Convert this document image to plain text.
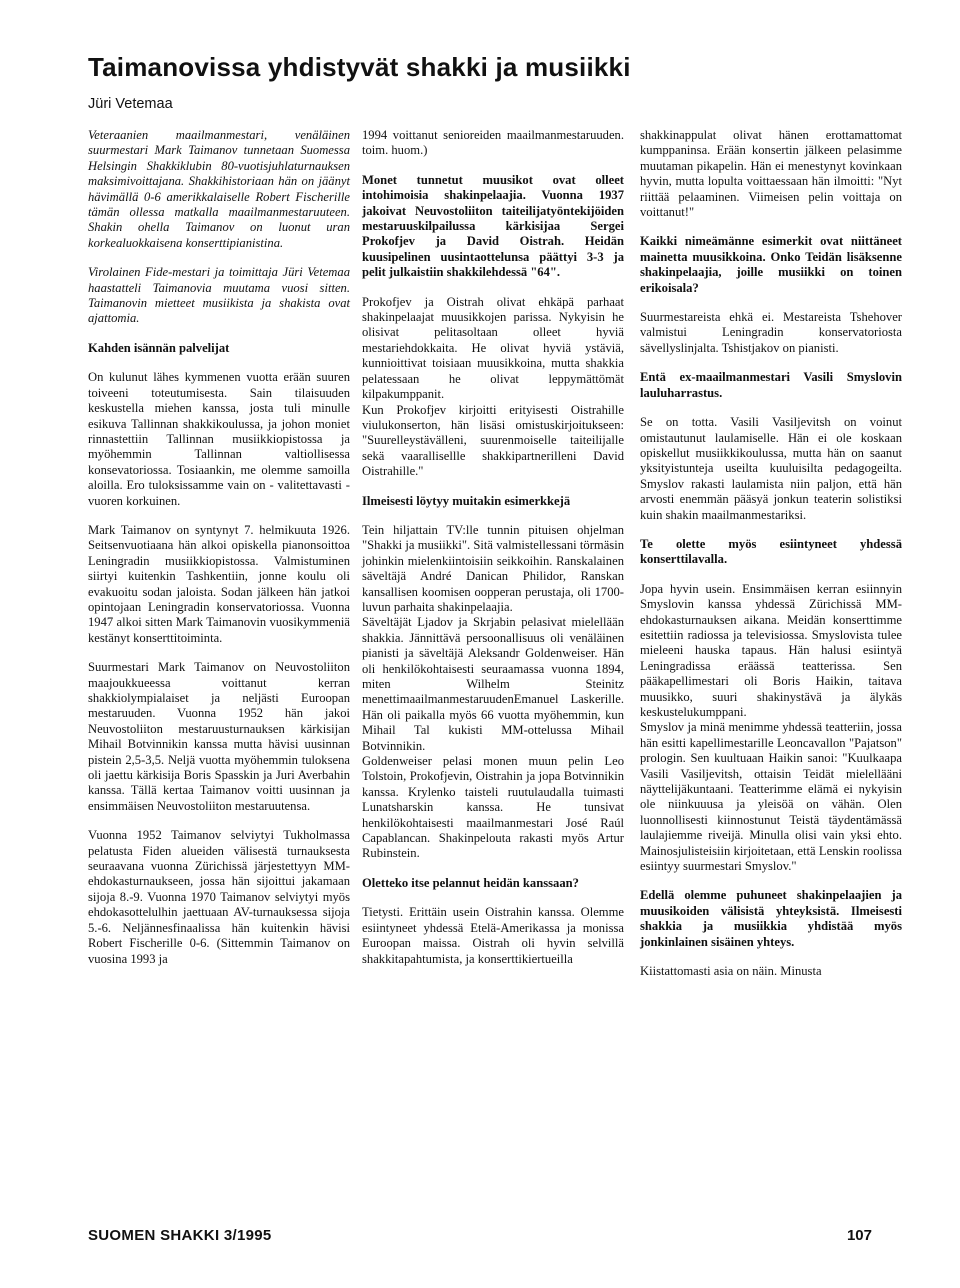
Taimanovissa yhdistyvät shakki ja musiikki

Jüri Vetemaa

Veteraanien maailmanmestari, venäläinen suurmestari Mark Taimanov tunnetaan Suomessa Helsingin Shakkiklubin 80-vuotisjuhlaturnauksen maksimivoittajana. Shakkihistoriaan hän on jäänyt hävimällä 0-6 amerikkalaiselle Robert Fischerille tämän ollessa matkalla maailmanmestaruuteen. Shakin ohella Taimanov on luonut uran korkealuokkaisena konserttipianistina.

Virolainen Fide-mestari ja toimittaja Jüri Vetemaa haastatteli Taimanovia muutama vuosi sitten. Taimanovin mietteet musiikista ja shakista ovat ajattomia.

Kahden isännän palvelijat

On kulunut lähes kymmenen vuotta erään suuren toiveeni toteutumisesta. Sain tilaisuuden keskustella miehen kanssa, josta tuli minulle esikuva Tallinnan shakkikoulussa, ja johon moniet rinnastettiin Tallinnan musiikkiopistossa ja myöhemmin Tallinnan valtiollisessa konsevatoriossa. Tosiaankin, me olemme samoilla aloilla. Ero tuloksissamme vain on - valitettavasti - vuoren korkuinen.

Mark Taimanov on syntynyt 7. helmikuuta 1926. Seitsenvuotiaana hän alkoi opiskella pianonsoittoa Leningradin musiikkiopistossa. Valmistuminen siirtyi kuitenkin Tashkentiin, jonne koulu oli evakuoitu sodan jaloista. Sodan jälkeen hän jatkoi opintojaan Leningradin konservatoriossa. Vuonna 1947 alkoi sitten Mark Taimanovin vuosikymmeniä kestänyt konserttitoiminta.

Suurmestari Mark Taimanov on Neuvostoliiton maajoukkueessa voittanut kerran shakkiolympialaiset ja neljästi Euroopan mestaruuden. Vuonna 1952 hän jakoi Neuvostoliiton mestaruusturnauksen kärkisijan Mihail Botvinnikin kanssa mutta hävisi uusinnan pistein 2,5-3,5. Neljä vuotta myöhemmin tuloksena oli jaettu kärkisija Boris Spasskin ja Juri Averbahin kanssa. Tällä kertaa Taimanov voitti uusinnan ja ensimmäisen Neuvostoliiton mestaruutensa.

Vuonna 1952 Taimanov selviytyi Tukholmassa pelatusta Fiden alueiden välisestä turnauksesta seuraavana vuonna Zürichissä järjestettyyn MM-ehdokasturnaukseen, jossa hän sijoittui jakamaan sijoja 8.-9. Vuonna 1970 Taimanov selviytyi myös ehdokasottelulhin jaettuaan AV-turnauksessa sijoja 5.-6. Neljännesfinaalissa hän kuitenkin hävisi Robert Fischerille 0-6. (Sittemmin Taimanov on vuosina 1993 ja

1994 voittanut senioreiden maailmanmestaruuden. toim. huom.)

Monet tunnetut muusikot ovat olleet intohimoisia shakinpelaajia. Vuonna 1937 jakoivat Neuvostoliiton taiteilijatyöntekijöiden mestaruuskilpailussa kärkisijaa Sergei Prokofjev ja David Oistrah. Heidän kuusipelinen uusintaottelunsa päättyi 3-3 ja pelit julkaistiin shakkilehdessä "64".

Prokofjev ja Oistrah olivat ehkäpä parhaat shakinpelaajat muusikkojen parissa. Nykyisin he olisivat pelitasoltaan olleet hyviä mestariehdokkaita. He olivat hyviä ystäviä, kunnioittivat toisiaan muusikkoina, mutta shakkia pelatessaan he olivat leppymättömät kilpakumppanit.

Kun Prokofjev kirjoitti erityisesti Oistrahille viulukonserton, hän lisäsi omistuskirjoitukseen: "Suurelleystävälleni, suurenmoiselle taiteilijalle sekä vaarallisellle shakkipartnerilleni David Oistrahille."

Ilmeisesti löytyy muitakin esimerkkejä

Tein hiljattain TV:lle tunnin pituisen ohjelman "Shakki ja musiikki". Sitä valmistellessani törmäsin johinkin mielenkiintoisiin seikkoihin. Ranskalainen säveltäjä André Danican Philidor, Ranskan kansallisen koomisen oopperan perustaja, oli 1700-luvun parhaita shakinpelaajia.

Säveltäjät Ljadov ja Skrjabin pelasivat mielellään shakkia. Jännittävä persoonallisuus oli venäläinen pianisti ja säveltäjä Aleksandr Goldenweiser. Hän oli henkilökohtaisesti seuraamassa vuonna 1894, miten Wilhelm Steinitz menettimaailmanmestaruudenEmanuel Laskerille. Hän oli paikalla myös 66 vuotta myöhemmin, kun Mihail Tal kukisti MM-ottelussa Mihail Botvinnikin.

Goldenweiser pelasi monen muun pelin Leo Tolstoin, Prokofjevin, Oistrahin ja jopa Botvinnikin kanssa. Krylenko taisteli ruutulaudalla tuimasti Lunatsharskin kanssa. He tunsivat henkilökohtaisesti maailmanmestari José Raúl Capablancan. Shakinpelouta rakasti myös Artur Rubinstein.

Oletteko itse pelannut heidän kanssaan?

Tietysti. Erittäin usein Oistrahin kanssa. Olemme esiintyneet yhdessä Etelä-Amerikassa ja monissa Euroopan maissa. Oistrah oli hyvin selvillä shakkitapahtumista, ja konserttikiertueilla

shakkinappulat olivat hänen erottamattomat kumppaninsa. Erään konsertin jälkeen pelasimme muutaman pikapelin. Hän ei menestynyt kovinkaan hyvin, mutta lopulta voittaessaan hän ilmoitti: "Nyt riittää pelaaminen. Viimeisen pelin voittaja on voittanut!"

Kaikki nimeämänne esimerkit ovat niittäneet mainetta muusikkoina. Onko Teidän lisäksenne shakinpelaajia, joille musiikki on toinen erikoisala?

Suurmestareista ehkä ei. Mestareista Tshehover valmistui Leningradin konservatoriosta sävellyslinjalta. Tshistjakov on pianisti.

Entä ex-maailmanmestari Vasili Smyslovin lauluharrastus.

Se on totta. Vasili Vasiljevitsh on voinut omistautunut laulamiselle. Hän ei ole koskaan opiskellut musiikkikoulussa, mutta hän on saanut yksityistunteja useilta kuuluisilta pedagogeilta. Smyslov rakasti laulamista niin paljon, että hän arvosti enemmän pääsyä jonkun teaterin solistiksi kuin shakin maailmanmestariksi.

Te olette myös esiintyneet yhdessä konserttilavalla.

Jopa hyvin usein. Ensimmäisen kerran esiinnyin Smyslovin kanssa yhdessä Zürichissä MM-ehdokasturnauksen aikana. Meidän konserttimme esitettiin radiossa ja televisiossa. Smyslovista tulee mieleeni hauska tapaus. Hän halusi esiintyä Leningradissa eräässä teatterissa. Sen pääkapellimestari oli Boris Haikin, taitava muusikko, suuri shakinystävä ja älykäs keskustelukumppani.

Smyslov ja minä menimme yhdessä teatteriin, jossa hän esitti kapellimestarille Leoncavallon "Pajatson" prologin. Sen kuultuaan Haikin sanoi: "Kuulkaapa Vasili Vasiljevitsh, ottaisin Teidät mielellääni näyttelijäkuntaani. Teatterimme elämä ei nykyisin ole niinkuuusa ja yleisöä on vähän. Olen luonnollisesti kiinnostunut Teistä täydentämässä laulajiemme riveijä. Minulla olisi vain yksi ehto. Mainosjulisteisiin kirjoitetaan, että Lenskin roolissa esiintyy suurmestari Smyslov."

Edellä olemme puhuneet shakinpelaajien ja muusikoiden välisistä yhteyksistä. Ilmeisesti shakkia ja musiikkia yhdistää myös jonkinlainen sisäinen yhteys.

Kiistattomasti asia on näin. Minusta

SUOMEN SHAKKI 3/1995	107
